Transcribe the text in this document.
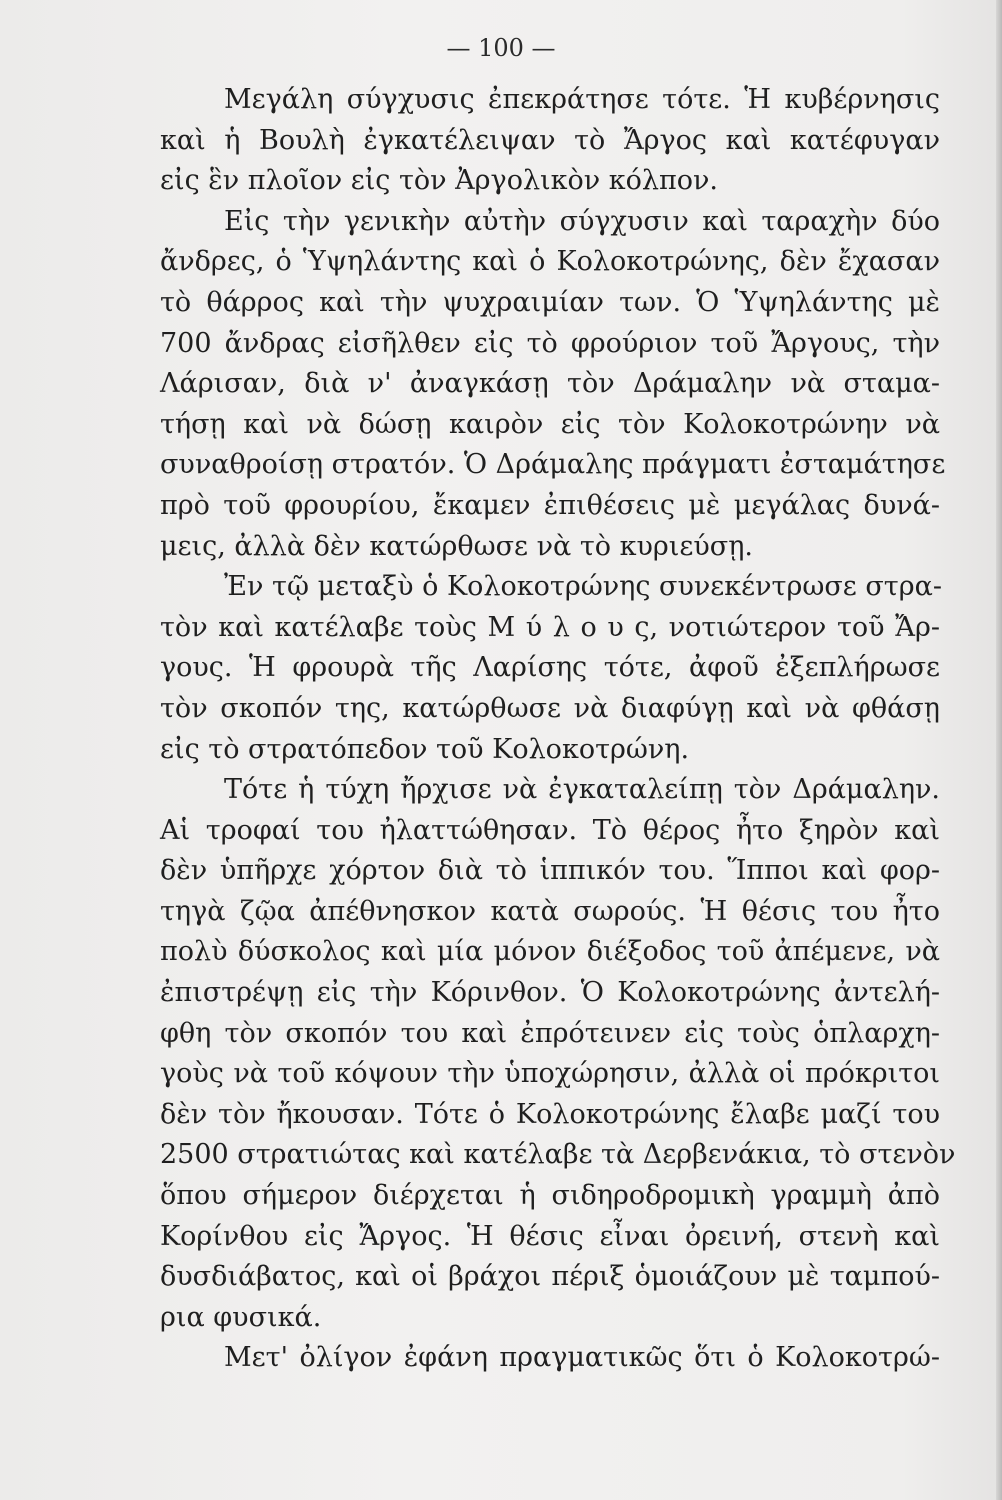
— 100 —

Μεγάλη σύγχυσις ἐπεκράτησε τότε. Ἡ κυβέρνησις
καὶ ἡ Βουλὴ ἐγκατέλειψαν τὸ Ἄργος καὶ κατέφυγαν
εἰς ἓν πλοῖον εἰς τὸν Ἀργολικὸν κόλπον.
Εἰς τὴν γενικὴν αὐτὴν σύγχυσιν καὶ ταραχὴν δύο
ἄνδρες, ὁ Ὑψηλάντης καὶ ὁ Κολοκοτρώνης, δὲν ἔχασαν
τὸ θάρρος καὶ τὴν ψυχραιμίαν των. Ὁ Ὑψηλάντης μὲ
700 ἄνδρας εἰσῆλθεν εἰς τὸ φρούριον τοῦ Ἄργους, τὴν
Λάρισαν, διὰ ν' ἀναγκάσῃ τὸν Δράμαλην νὰ σταμα-
τήσῃ καὶ νὰ δώσῃ καιρὸν εἰς τὸν Κολοκοτρώνην νὰ
συναθροίσῃ στρατόν. Ὁ Δράμαλης πράγματι ἐσταμάτησε
πρὸ τοῦ φρουρίου, ἔκαμεν ἐπιθέσεις μὲ μεγάλας δυνά-
μεις, ἀλλὰ δὲν κατώρθωσε νὰ τὸ κυριεύσῃ.
Ἐν τῷ μεταξὺ ὁ Κολοκοτρώνης συνεκέντρωσε στρα-
τὸν καὶ κατέλαβε τοὺς Μ ύ λ ο υ ς, νοτιώτερον τοῦ Ἄρ-
γους. Ἡ φρουρὰ τῆς Λαρίσης τότε, ἀφοῦ ἐξεπλήρωσε
τὸν σκοπόν της, κατώρθωσε νὰ διαφύγῃ καὶ νὰ φθάσῃ
εἰς τὸ στρατόπεδον τοῦ Κολοκοτρώνη.
Τότε ἡ τύχη ἤρχισε νὰ ἐγκαταλείπῃ τὸν Δράμαλην.
Αἱ τροφαί του ἠλαττώθησαν. Τὸ θέρος ἦτο ξηρὸν καὶ
δὲν ὑπῆρχε χόρτον διὰ τὸ ἱππικόν του. Ἵπποι καὶ φορ-
τηγὰ ζῷα ἀπέθνησκον κατὰ σωρούς. Ἡ θέσις του ἦτο
πολὺ δύσκολος καὶ μία μόνον διέξοδος τοῦ ἀπέμενε, νὰ
ἐπιστρέψῃ εἰς τὴν Κόρινθον. Ὁ Κολοκοτρώνης ἀντελή-
φθη τὸν σκοπόν του καὶ ἐπρότεινεν εἰς τοὺς ὁπλαρχη-
γοὺς νὰ τοῦ κόψουν τὴν ὑποχώρησιν, ἀλλὰ οἱ πρόκριτοι
δὲν τὸν ἤκουσαν. Τότε ὁ Κολοκοτρώνης ἔλαβε μαζί του
2500 στρατιώτας καὶ κατέλαβε τὰ Δερβενάκια, τὸ στενὸν
ὅπου σήμερον διέρχεται ἡ σιδηροδρομικὴ γραμμὴ ἀπὸ
Κορίνθου εἰς Ἄργος. Ἡ θέσις εἶναι ὀρεινή, στενὴ καὶ
δυσδιάβατος, καὶ οἱ βράχοι πέριξ ὁμοιάζουν μὲ ταμπού-
ρια φυσικά.
Μετ' ὀλίγον ἐφάνη πραγματικῶς ὅτι ὁ Κολοκοτρώ-
